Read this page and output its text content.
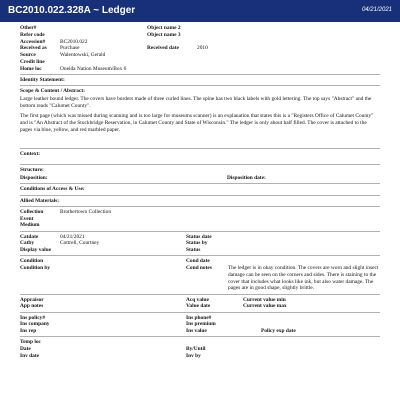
BC2010.022.328A ~ Ledger	04/21/2021
Other#	Object name 2
Refer code	Object name 3
Accession#	BC2010.022
Received as	Purchase	Received date	2010
Source	Walentowski, Gerald
Credit line
Home loc	Oneida Nation Museum/Box 6
Identity Statement:
Scope & Content / Abstract:
Large leather bound ledger. The covers have borders made of three curled lines. The spine has two black labels with gold lettering. The top says "Abstract" and the bottom reads "Calumet County".
The first page (which was missed during scanning and is too large for museums scanner) is an explanation that states this is a "Registers Office of Calumet County" and is "An Abstract of the Stockbridge Reservation, in Calumet County and State of Wisconsin." The ledger is only about half filled. The cover is attached to the pages via blue, yellow, and red marbled paper.
Context:
Structure:
Disposition:	Disposition date:
Conditions of Access & Use:
Allied Materials:
Collection	Brothertown Collection
Event
Medium
Catdate	04/21/2021	Status date
Catby	Cottrell, Courtney	Status by
Display value	Status
Condition	Cond date
Condition by	Cond notes	The ledger is in okay condition. The covers are worn and slight insect damage can be seen on the corners and sides. There is staining to the cover that includes what looks like ink, but also water damage. The pages are in good shape, slightly brittle.
Appraisor	Acq value	Current value min
App notes	Value date	Current value max
Ins policy#	Ins phone#
Ins company	Ins premium
Ins rep	Ins value	Policy exp date
Temp loc
Date	By/Until
Inv date	Inv by
